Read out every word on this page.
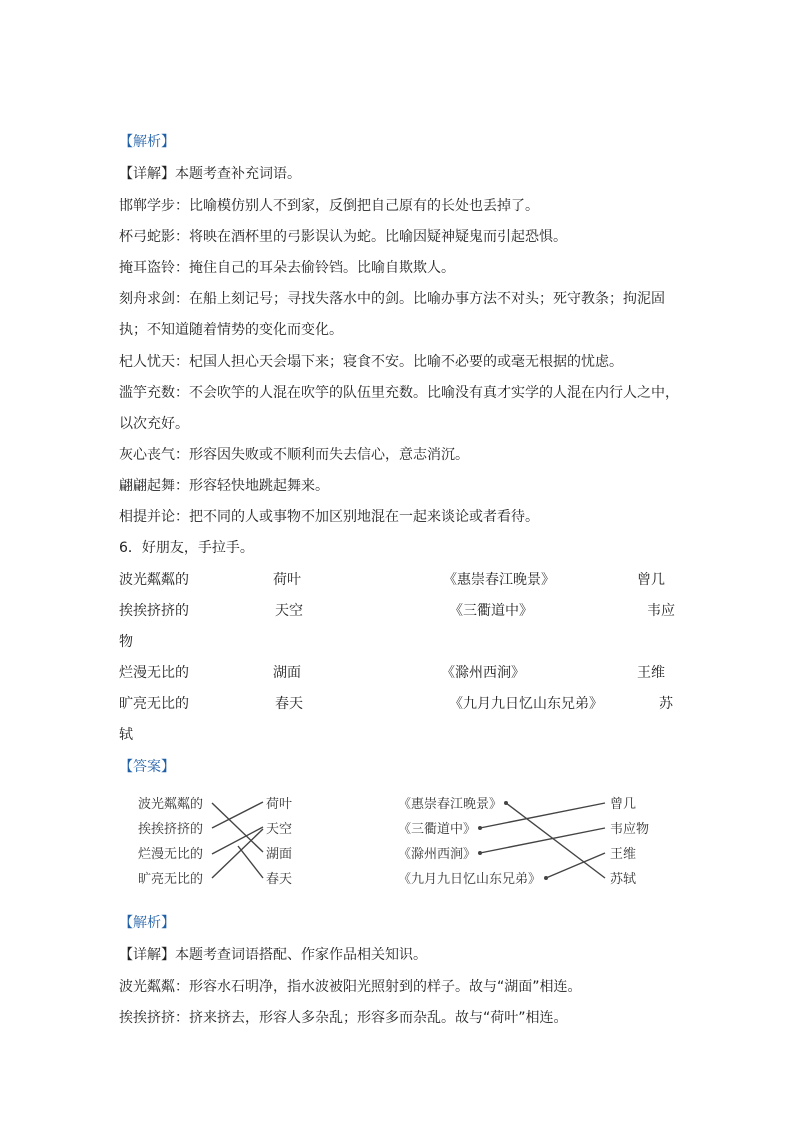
【解析】
【详解】本题考查补充词语。
邯郸学步：比喻模仿别人不到家，反倒把自己原有的长处也丢掉了。
杯弓蛇影：将映在酒杯里的弓影误认为蛇。比喻因疑神疑鬼而引起恐惧。
掩耳盗铃：掩住自己的耳朵去偷铃铛。比喻自欺欺人。
刻舟求剑：在船上刻记号；寻找失落水中的剑。比喻办事方法不对头；死守教条；拘泥固
执；不知道随着情势的变化而变化。
杞人忧天：杞国人担心天会塌下来；寝食不安。比喻不必要的或毫无根据的忧虑。
滥竽充数：不会吹竽的人混在吹竽的队伍里充数。比喻没有真才实学的人混在内行人之中，
以次充好。
灰心丧气：形容因失败或不顺利而失去信心，意志消沉。
翩翩起舞：形容轻快地跳起舞来。
相提并论：把不同的人或事物不加区别地混在一起来谈论或者看待。
6．好朋友，手拉手。
波光粼粼的	荷叶	《惠崇春江晚景》	曾几
挨挨挤挤的	天空	《三衢道中》	韦应
物
烂漫无比的	湖面	《滁州西涧》	王维
旷亮无比的	春天	《九月九日忆山东兄弟》	苏
轼
【答案】
波光粼粼的
挨挨挤挤的
烂漫无比的
旷亮无比的
荷叶
天空
湖面
春天
《惠崇春江晚景》
《三衢道中》
《滁州西涧》
《九月九日忆山东兄弟》
曾几
韦应物
王维
苏轼
【解析】
【详解】本题考查词语搭配、作家作品相关知识。
波光粼粼：形容水石明净，指水波被阳光照射到的样子。故与“湖面”相连。
挨挨挤挤：挤来挤去，形容人多杂乱；形容多而杂乱。故与“荷叶”相连。
